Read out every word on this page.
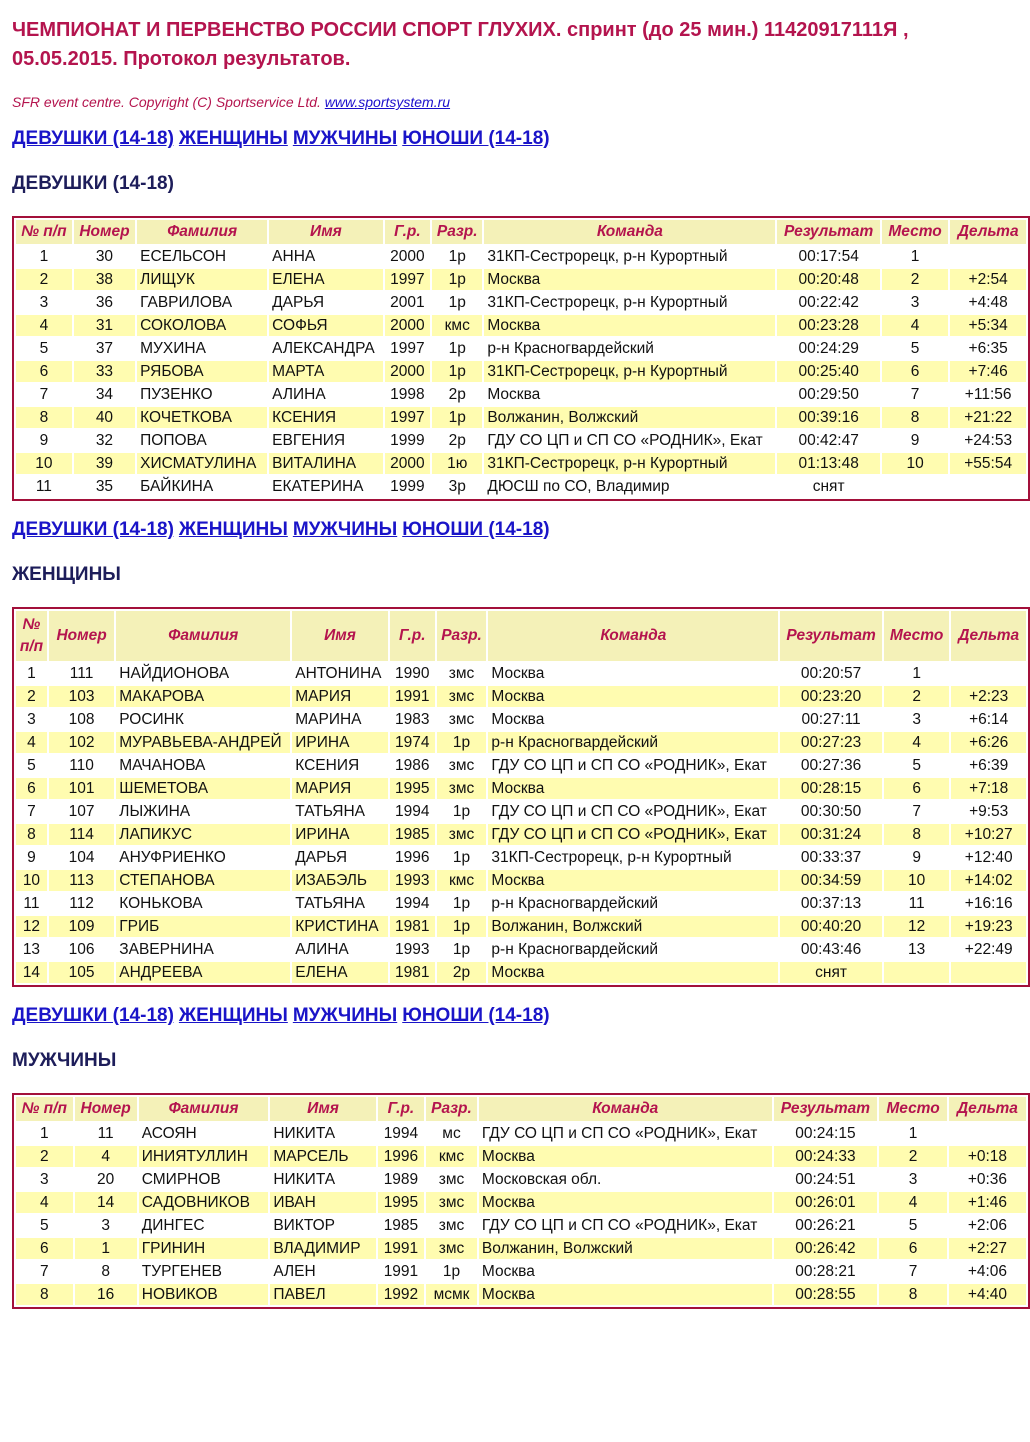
ЧЕМПИОНАТ И ПЕРВЕНСТВО РОССИИ СПОРТ ГЛУХИХ. спринт (до 25 мин.) 11420917111Я , 05.05.2015. Протокол результатов.
SFR event centre. Copyright (C) Sportservice Ltd. www.sportsystem.ru
ДЕВУШКИ (14-18) ЖЕНЩИНЫ МУЖЧИНЫ ЮНОШИ (14-18)
ДЕВУШКИ (14-18)
№ п/п	Номер	Фамилия	Имя	Г.р.	Разр.	Команда	Результат	Место	Дельта
1	30	ЕСЕЛЬСОН	АННА	2000	1р	31КП-Сестрорецк, р-н Курортный	00:17:54	1	
2	38	ЛИЩУК	ЕЛЕНА	1997	1р	Москва	00:20:48	2	+2:54
3	36	ГАВРИЛОВА	ДАРЬЯ	2001	1р	31КП-Сестрорецк, р-н Курортный	00:22:42	3	+4:48
4	31	СОКОЛОВА	СОФЬЯ	2000	кмс	Москва	00:23:28	4	+5:34
5	37	МУХИНА	АЛЕКСАНДРА	1997	1р	р-н Красногвардейский	00:24:29	5	+6:35
6	33	РЯБОВА	МАРТА	2000	1р	31КП-Сестрорецк, р-н Курортный	00:25:40	6	+7:46
7	34	ПУЗЕНКО	АЛИНА	1998	2р	Москва	00:29:50	7	+11:56
8	40	КОЧЕТКОВА	КСЕНИЯ	1997	1р	Волжанин, Волжский	00:39:16	8	+21:22
9	32	ПОПОВА	ЕВГЕНИЯ	1999	2р	ГДУ СО ЦП и СП СО «РОДНИК», Екат	00:42:47	9	+24:53
10	39	ХИСМАТУЛИНА	ВИТАЛИНА	2000	1ю	31КП-Сестрорецк, р-н Курортный	01:13:48	10	+55:54
11	35	БАЙКИНА	ЕКАТЕРИНА	1999	3р	ДЮСШ по СО, Владимир	снят		
ДЕВУШКИ (14-18) ЖЕНЩИНЫ МУЖЧИНЫ ЮНОШИ (14-18)
ЖЕНЩИНЫ
№ п/п	Номер	Фамилия	Имя	Г.р.	Разр.	Команда	Результат	Место	Дельта
1	111	НАЙДИОНОВА	АНТОНИНА	1990	змс	Москва	00:20:57	1	
2	103	МАКАРОВА	МАРИЯ	1991	змс	Москва	00:23:20	2	+2:23
3	108	РОСИНК	МАРИНА	1983	змс	Москва	00:27:11	3	+6:14
4	102	МУРАВЬЕВА-АНДРЕЙ	ИРИНА	1974	1р	р-н Красногвардейский	00:27:23	4	+6:26
5	110	МАЧАНОВА	КСЕНИЯ	1986	змс	ГДУ СО ЦП и СП СО «РОДНИК», Екат	00:27:36	5	+6:39
6	101	ШЕМЕТОВА	МАРИЯ	1995	змс	Москва	00:28:15	6	+7:18
7	107	ЛЫЖИНА	ТАТЬЯНА	1994	1р	ГДУ СО ЦП и СП СО «РОДНИК», Екат	00:30:50	7	+9:53
8	114	ЛАПИКУС	ИРИНА	1985	змс	ГДУ СО ЦП и СП СО «РОДНИК», Екат	00:31:24	8	+10:27
9	104	АНУФРИЕНКО	ДАРЬЯ	1996	1р	31КП-Сестрорецк, р-н Курортный	00:33:37	9	+12:40
10	113	СТЕПАНОВА	ИЗАБЭЛЬ	1993	кмс	Москва	00:34:59	10	+14:02
11	112	КОНЬКОВА	ТАТЬЯНА	1994	1р	р-н Красногвардейский	00:37:13	11	+16:16
12	109	ГРИБ	КРИСТИНА	1981	1р	Волжанин, Волжский	00:40:20	12	+19:23
13	106	ЗАВЕРНИНА	АЛИНА	1993	1р	р-н Красногвардейский	00:43:46	13	+22:49
14	105	АНДРЕЕВА	ЕЛЕНА	1981	2р	Москва	снят		
ДЕВУШКИ (14-18) ЖЕНЩИНЫ МУЖЧИНЫ ЮНОШИ (14-18)
МУЖЧИНЫ
№ п/п	Номер	Фамилия	Имя	Г.р.	Разр.	Команда	Результат	Место	Дельта
1	11	АСОЯН	НИКИТА	1994	мс	ГДУ СО ЦП и СП СО «РОДНИК», Екат	00:24:15	1	
2	4	ИНИЯТУЛЛИН	МАРСЕЛЬ	1996	кмс	Москва	00:24:33	2	+0:18
3	20	СМИРНОВ	НИКИТА	1989	змс	Московская обл.	00:24:51	3	+0:36
4	14	САДОВНИКОВ	ИВАН	1995	змс	Москва	00:26:01	4	+1:46
5	3	ДИНГЕС	ВИКТОР	1985	змс	ГДУ СО ЦП и СП СО «РОДНИК», Екат	00:26:21	5	+2:06
6	1	ГРИНИН	ВЛАДИМИР	1991	змс	Волжанин, Волжский	00:26:42	6	+2:27
7	8	ТУРГЕНЕВ	АЛЕН	1991	1р	Москва	00:28:21	7	+4:06
8	16	НОВИКОВ	ПАВЕЛ	1992	мсмк	Москва	00:28:55	8	+4:40
